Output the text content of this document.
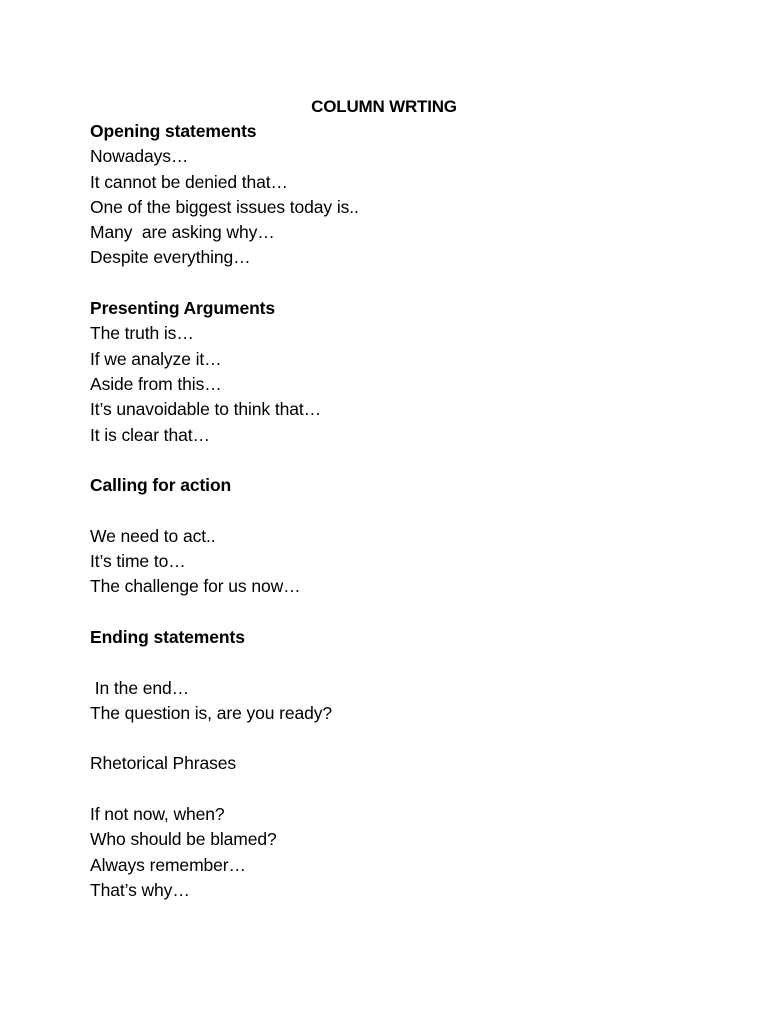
COLUMN WRTING
Opening statements
Nowadays…
It cannot be denied that…
One of the biggest issues today is..
Many  are asking why…
Despite everything…
Presenting Arguments
The truth is…
If we analyze it…
Aside from this…
It’s unavoidable to think that…
It is clear that…
Calling for action
We need to act..
It’s time to…
The challenge for us now…
Ending statements
In the end…
The question is, are you ready?
Rhetorical Phrases
If not now, when?
Who should be blamed?
Always remember…
That’s why…
